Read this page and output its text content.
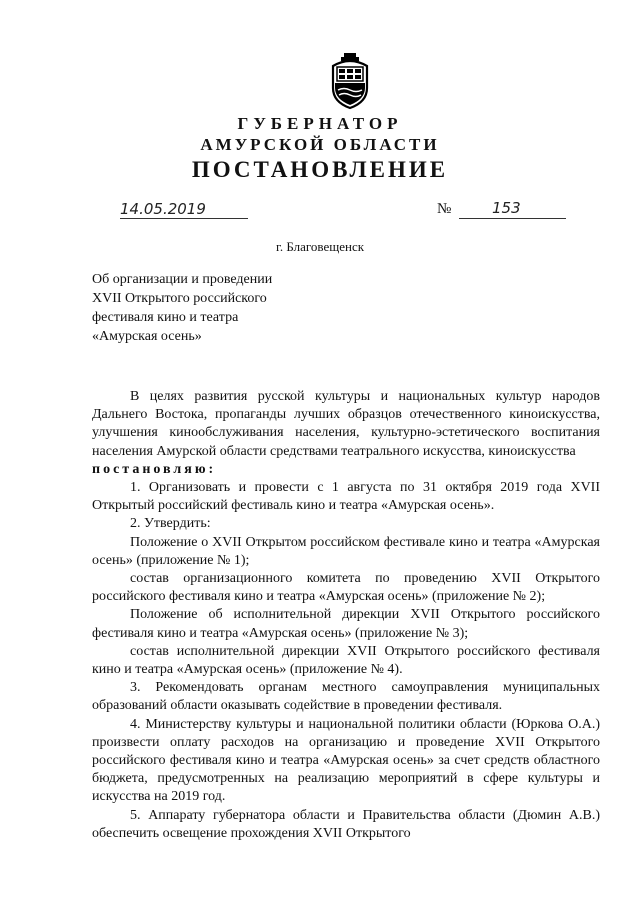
ГУБЕРНАТОР
АМУРСКОЙ ОБЛАСТИ
ПОСТАНОВЛЕНИЕ
14.05.2019	№	153
г. Благовещенск
Об организации и проведении
XVII Открытого российского
фестиваля кино и театра
«Амурская осень»

В целях развития русской культуры и национальных культур народов Дальнего Востока, пропаганды лучших образцов отечественного киноискусства, улучшения кинообслуживания населения, культурно-эстетического воспитания населения Амурской области средствами театрального искусства, киноискусства

постановляю:

1. Организовать и провести с 1 августа по 31 октября 2019 года XVII Открытый российский фестиваль кино и театра «Амурская осень».

2. Утвердить:

Положение о XVII Открытом российском фестивале кино и театра «Амурская осень» (приложение № 1);

состав организационного комитета по проведению XVII Открытого российского фестиваля кино и театра «Амурская осень» (приложение № 2);

Положение об исполнительной дирекции XVII Открытого российского фестиваля кино и театра «Амурская осень» (приложение № 3);

состав исполнительной дирекции XVII Открытого российского фестиваля кино и театра «Амурская осень» (приложение № 4).

3. Рекомендовать органам местного самоуправления муниципальных образований области оказывать содействие в проведении фестиваля.

4. Министерству культуры и национальной политики области (Юркова О.А.) произвести оплату расходов на организацию и проведение XVII Открытого российского фестиваля кино и театра «Амурская осень» за счет средств областного бюджета, предусмотренных на реализацию мероприятий в сфере культуры и искусства на 2019 год.

5. Аппарату губернатора области и Правительства области (Дюмин А.В.) обеспечить освещение прохождения XVII Открытого
